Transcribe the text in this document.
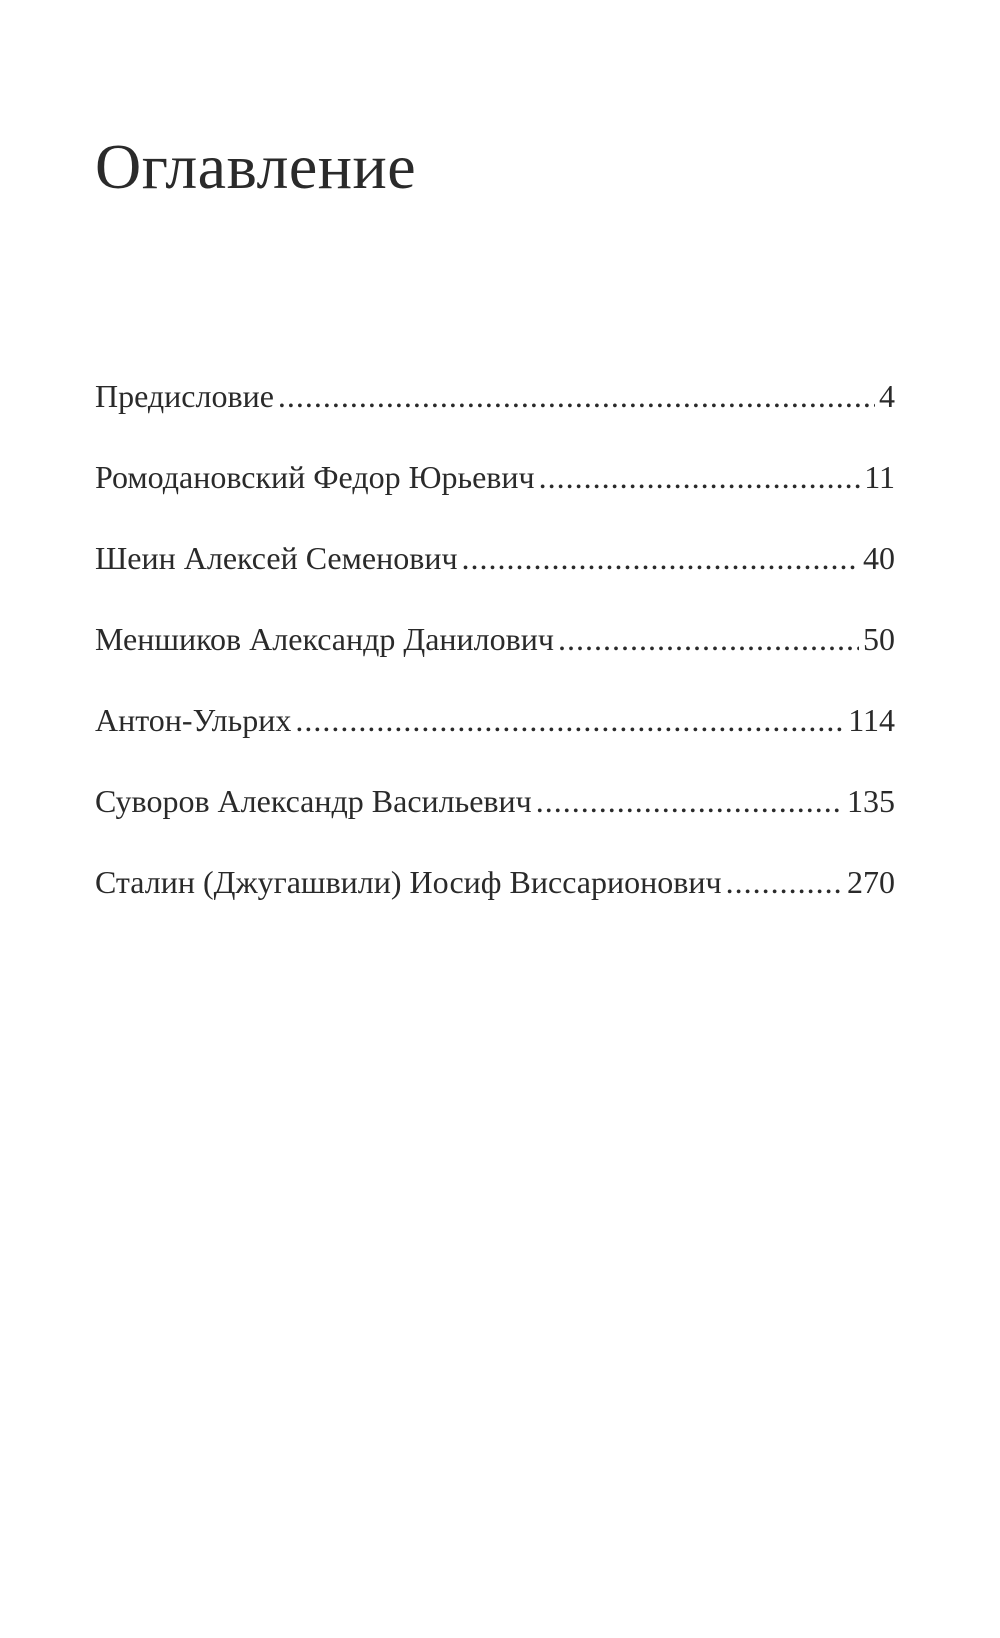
Оглавление
Предисловие .....	4
Ромодановский Федор Юрьевич .....	11
Шеин Алексей Семенович .....	40
Меншиков Александр Данилович .....	50
Антон-Ульрих .....	114
Суворов Александр Васильевич .....	135
Сталин (Джугашвили) Иосиф Виссарионович .....	270
